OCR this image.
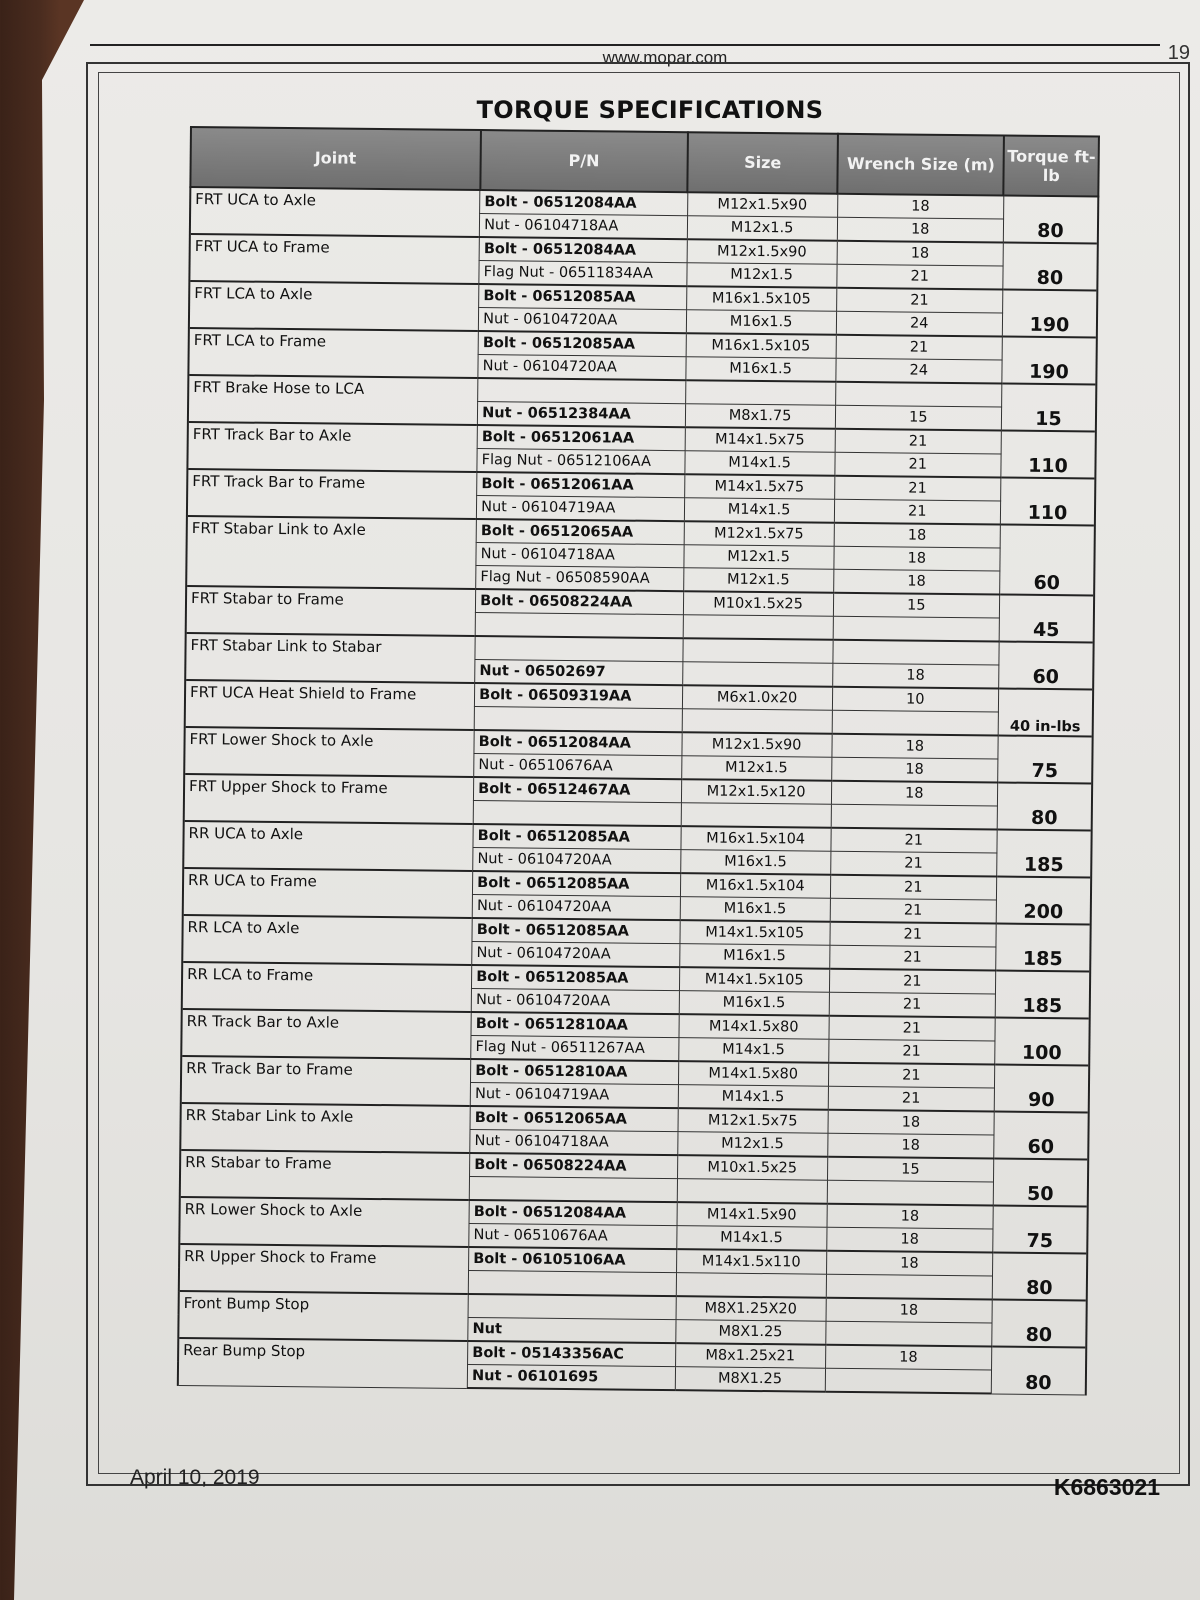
www.mopar.com	19
TORQUE SPECIFICATIONS
Joint	P/N	Size	Wrench Size (m)	Torque ft-lb
FRT UCA to Axle	Bolt - 06512084AA	M12x1.5x90	18	80
	Nut - 06104718AA	M12x1.5	18	
FRT UCA to Frame	Bolt - 06512084AA	M12x1.5x90	18	80
	Flag Nut - 06511834AA	M12x1.5	21	
FRT LCA to Axle	Bolt - 06512085AA	M16x1.5x105	21	190
	Nut - 06104720AA	M16x1.5	24	
FRT LCA to Frame	Bolt - 06512085AA	M16x1.5x105	21	190
	Nut - 06104720AA	M16x1.5	24	
FRT Brake Hose to LCA				15
	Nut - 06512384AA	M8x1.75	15	
FRT Track Bar to Axle	Bolt - 06512061AA	M14x1.5x75	21	110
	Flag Nut - 06512106AA	M14x1.5	21	
FRT Track Bar to Frame	Bolt - 06512061AA	M14x1.5x75	21	110
	Nut - 06104719AA	M14x1.5	21	
FRT Stabar Link to Axle	Bolt - 06512065AA	M12x1.5x75	18	60
	Nut - 06104718AA	M12x1.5	18	
	Flag Nut - 06508590AA	M12x1.5	18	
FRT Stabar to Frame	Bolt - 06508224AA	M10x1.5x25	15	45

FRT Stabar Link to Stabar				60
	Nut - 06502697		18	
FRT UCA Heat Shield to Frame	Bolt - 06509319AA	M6x1.0x20	10	40 in-lbs

FRT Lower Shock to Axle	Bolt - 06512084AA	M12x1.5x90	18	75
	Nut - 06510676AA	M12x1.5	18	
FRT Upper Shock to Frame	Bolt - 06512467AA	M12x1.5x120	18	80

RR UCA to Axle	Bolt - 06512085AA	M16x1.5x104	21	185
	Nut - 06104720AA	M16x1.5	21	
RR UCA to Frame	Bolt - 06512085AA	M16x1.5x104	21	200
	Nut - 06104720AA	M16x1.5	21	
RR LCA to Axle	Bolt - 06512085AA	M14x1.5x105	21	185
	Nut - 06104720AA	M16x1.5	21	
RR LCA to Frame	Bolt - 06512085AA	M14x1.5x105	21	185
	Nut - 06104720AA	M16x1.5	21	
RR Track Bar to Axle	Bolt - 06512810AA	M14x1.5x80	21	100
	Flag Nut - 06511267AA	M14x1.5	21	
RR Track Bar to Frame	Bolt - 06512810AA	M14x1.5x80	21	90
	Nut - 06104719AA	M14x1.5	21	
RR Stabar Link to Axle	Bolt - 06512065AA	M12x1.5x75	18	60
	Nut - 06104718AA	M12x1.5	18	
RR Stabar to Frame	Bolt - 06508224AA	M10x1.5x25	15	50

RR Lower Shock to Axle	Bolt - 06512084AA	M14x1.5x90	18	75
	Nut - 06510676AA	M14x1.5	18	
RR Upper Shock to Frame	Bolt - 06105106AA	M14x1.5x110	18	80

Front Bump Stop		M8X1.25X20	18	80
	Nut	M8X1.25		
Rear Bump Stop	Bolt - 05143356AC	M8x1.25x21	18	80
	Nut - 06101695	M8X1.25		
April 10, 2019	K6863021
